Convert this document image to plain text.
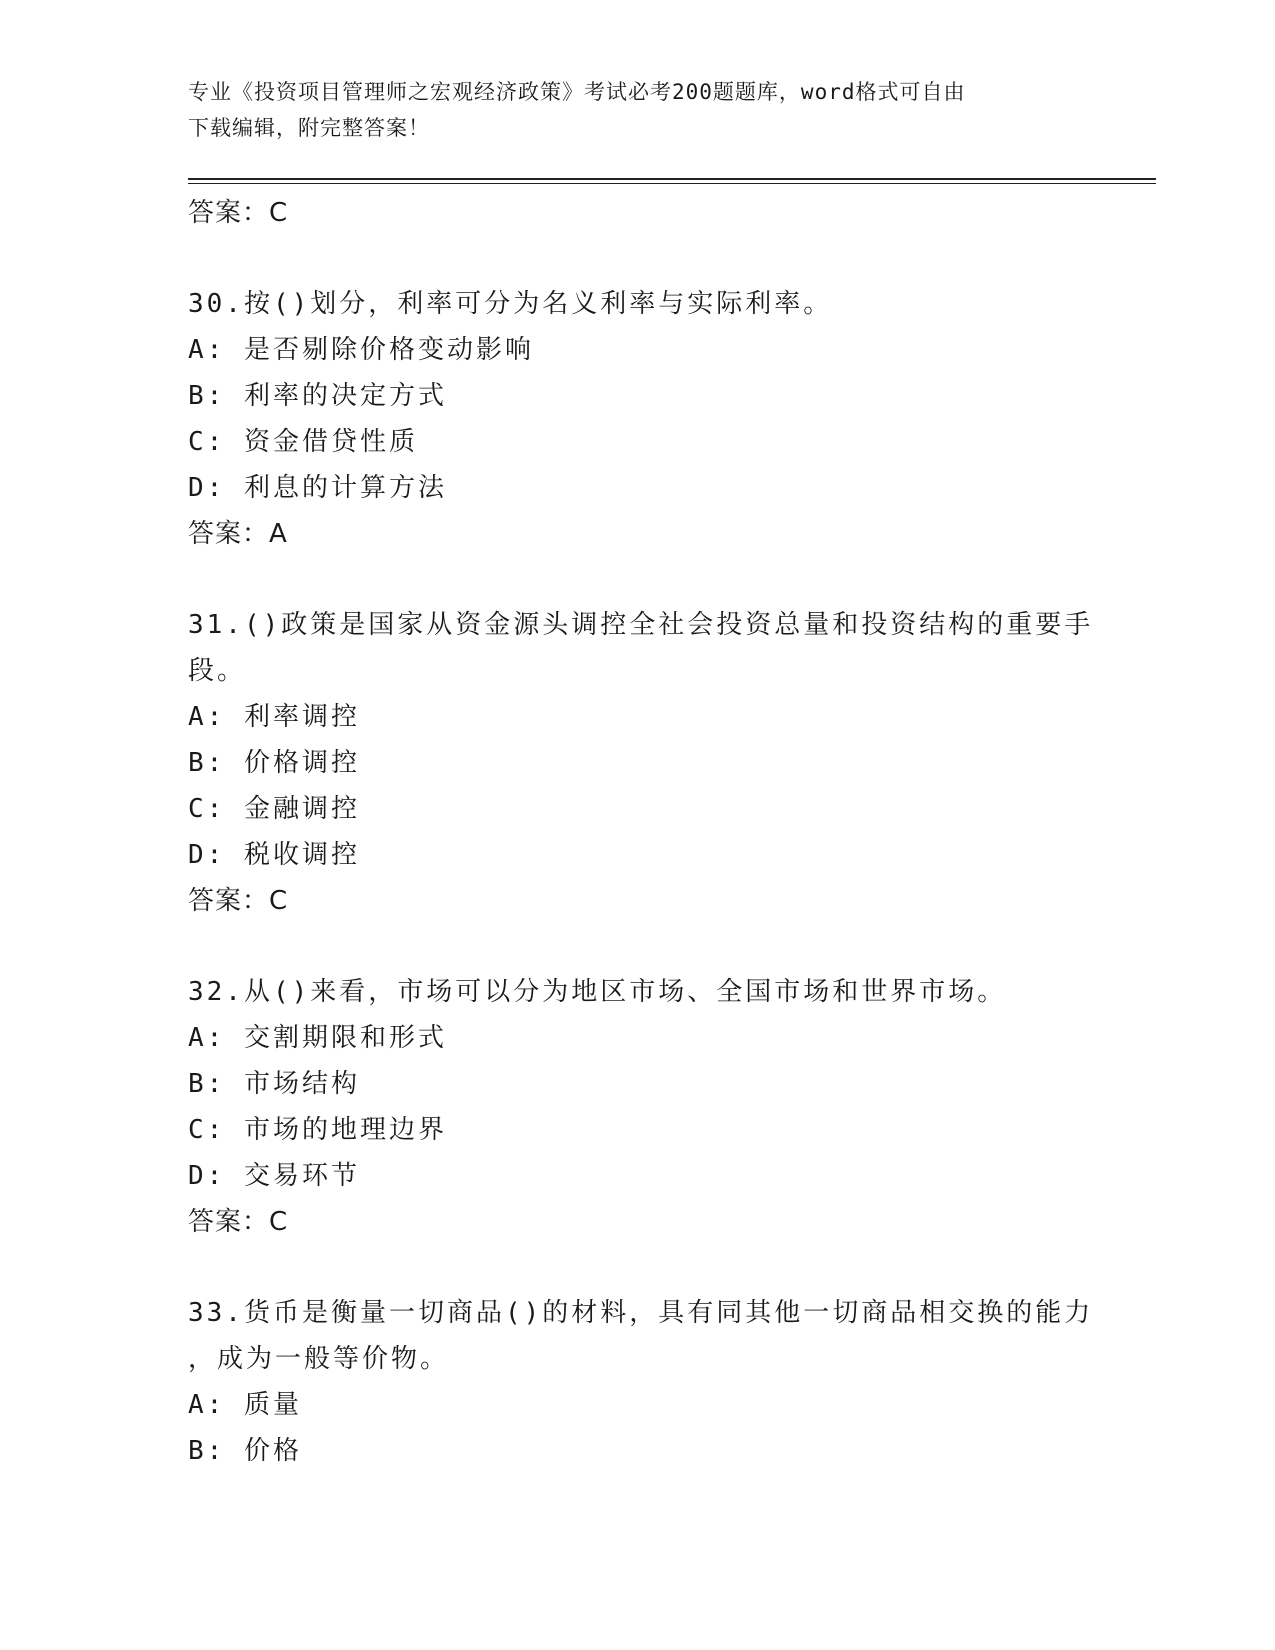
专业《投资项目管理师之宏观经济政策》考试必考200题题库，word格式可自由
下载编辑，附完整答案！
答案：C
30.按()划分，利率可分为名义利率与实际利率。
A: 是否剔除价格变动影响
B: 利率的决定方式
C: 资金借贷性质
D: 利息的计算方法
答案：A
31.()政策是国家从资金源头调控全社会投资总量和投资结构的重要手
段。
A: 利率调控
B: 价格调控
C: 金融调控
D: 税收调控
答案：C
32.从()来看，市场可以分为地区市场、全国市场和世界市场。
A: 交割期限和形式
B: 市场结构
C: 市场的地理边界
D: 交易环节
答案：C
33.货币是衡量一切商品()的材料，具有同其他一切商品相交换的能力
，成为一般等价物。
A: 质量
B: 价格
